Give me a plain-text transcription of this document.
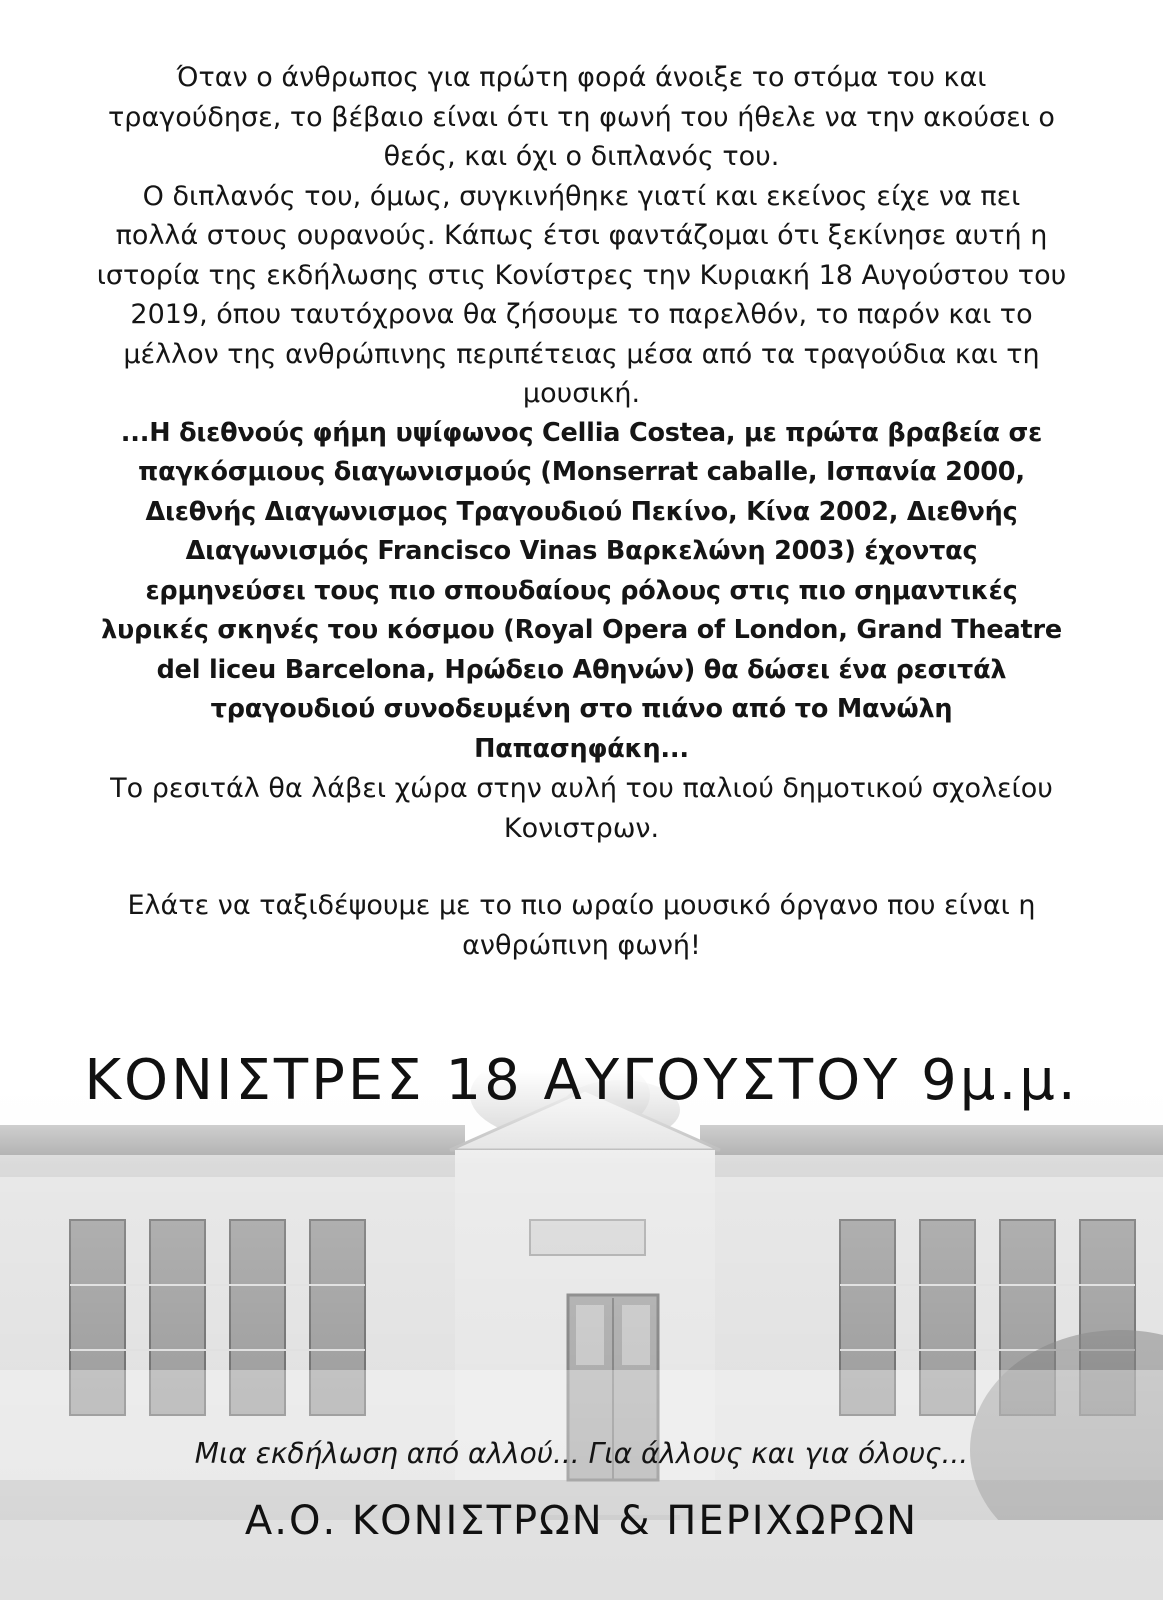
Όταν ο άνθρωπος για πρώτη φορά άνοιξε το στόμα του και
τραγούδησε, το βέβαιο είναι ότι τη φωνή του ήθελε να την ακούσει ο
θεός, και όχι ο διπλανός του.

Ο διπλανός του, όμως, συγκινήθηκε γιατί και εκείνος είχε να πει
πολλά στους ουρανούς. Κάπως έτσι φαντάζομαι ότι ξεκίνησε αυτή η
ιστορία της εκδήλωσης στις Κονίστρες την Κυριακή 18 Αυγούστου του
2019, όπου ταυτόχρονα θα ζήσουμε το παρελθόν, το παρόν και το
μέλλον της ανθρώπινης περιπέτειας μέσα από τα τραγούδια και τη
μουσική.

...Η διεθνούς φήμη υψίφωνος Cellia Costea, με πρώτα βραβεία σε
παγκόσμιους διαγωνισμούς (Monserrat caballe, Ισπανία 2000,
Διεθνής Διαγωνισμος Τραγουδιού Πεκίνο, Κίνα 2002, Διεθνής
Διαγωνισμός Francisco Vinas Βαρκελώνη 2003) έχοντας
ερμηνεύσει τους πιο σπουδαίους ρόλους στις πιο σημαντικές
λυρικές σκηνές του κόσμου (Royal Opera of London, Grand Theatre
del liceu Barcelona, Ηρώδειο Αθηνών) θα δώσει ένα ρεσιτάλ
τραγουδιού συνοδευμένη στο πιάνο από το Μανώλη
Παπασηφάκη...

Το ρεσιτάλ θα λάβει χώρα στην αυλή του παλιού δημοτικού σχολείου
Κονιστρων.

Ελάτε να ταξιδέψουμε με το πιο ωραίο μουσικό όργανο που είναι η
ανθρώπινη φωνή!

ΚΟΝΙΣΤΡΕΣ 18 ΑΥΓΟΥΣΤΟΥ 9μ.μ.
Μια εκδήλωση από αλλού... Για άλλους και για όλους...
Α.Ο. ΚΟΝΙΣΤΡΩΝ & ΠΕΡΙΧΩΡΩΝ
